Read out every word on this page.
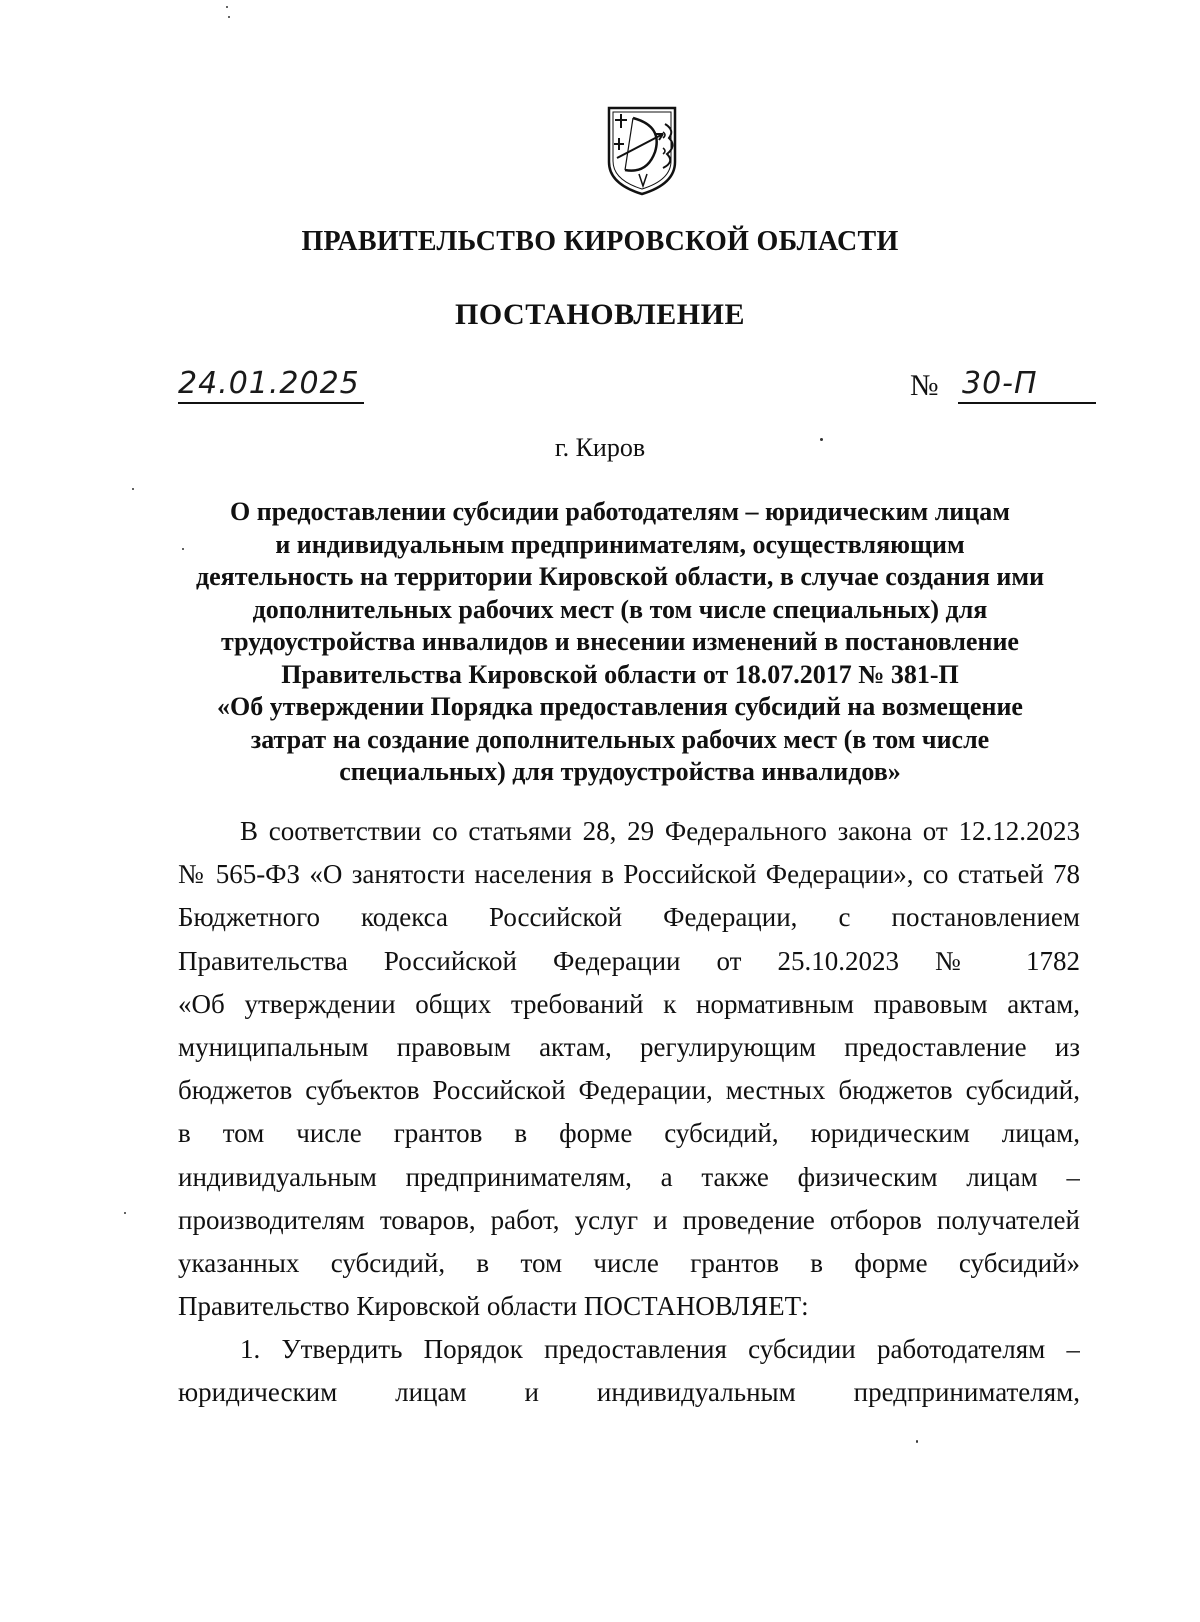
ПРАВИТЕЛЬСТВО КИРОВСКОЙ ОБЛАСТИ
ПОСТАНОВЛЕНИЕ
24.01.2025	№ 30-П
г. Киров
О предоставлении субсидии работодателям – юридическим лицам
и индивидуальным предпринимателям, осуществляющим
деятельность на территории Кировской области, в случае создания ими
дополнительных рабочих мест (в том числе специальных) для
трудоустройства инвалидов и внесении изменений в постановление
Правительства Кировской области от 18.07.2017 № 381-П
«Об утверждении Порядка предоставления субсидий на возмещение
затрат на создание дополнительных рабочих мест (в том числе
специальных) для трудоустройства инвалидов»
В соответствии со статьями 28, 29 Федерального закона от 12.12.2023
№ 565-ФЗ «О занятости населения в Российской Федерации», со статьей 78
Бюджетного кодекса Российской Федерации, с постановлением
Правительства Российской Федерации от 25.10.2023 № 1782
«Об утверждении общих требований к нормативным правовым актам,
муниципальным правовым актам, регулирующим предоставление из
бюджетов субъектов Российской Федерации, местных бюджетов субсидий,
в том числе грантов в форме субсидий, юридическим лицам,
индивидуальным предпринимателям, а также физическим лицам –
производителям товаров, работ, услуг и проведение отборов получателей
указанных субсидий, в том числе грантов в форме субсидий»
Правительство Кировской области ПОСТАНОВЛЯЕТ:
1. Утвердить Порядок предоставления субсидии работодателям –
юридическим лицам и индивидуальным предпринимателям,
